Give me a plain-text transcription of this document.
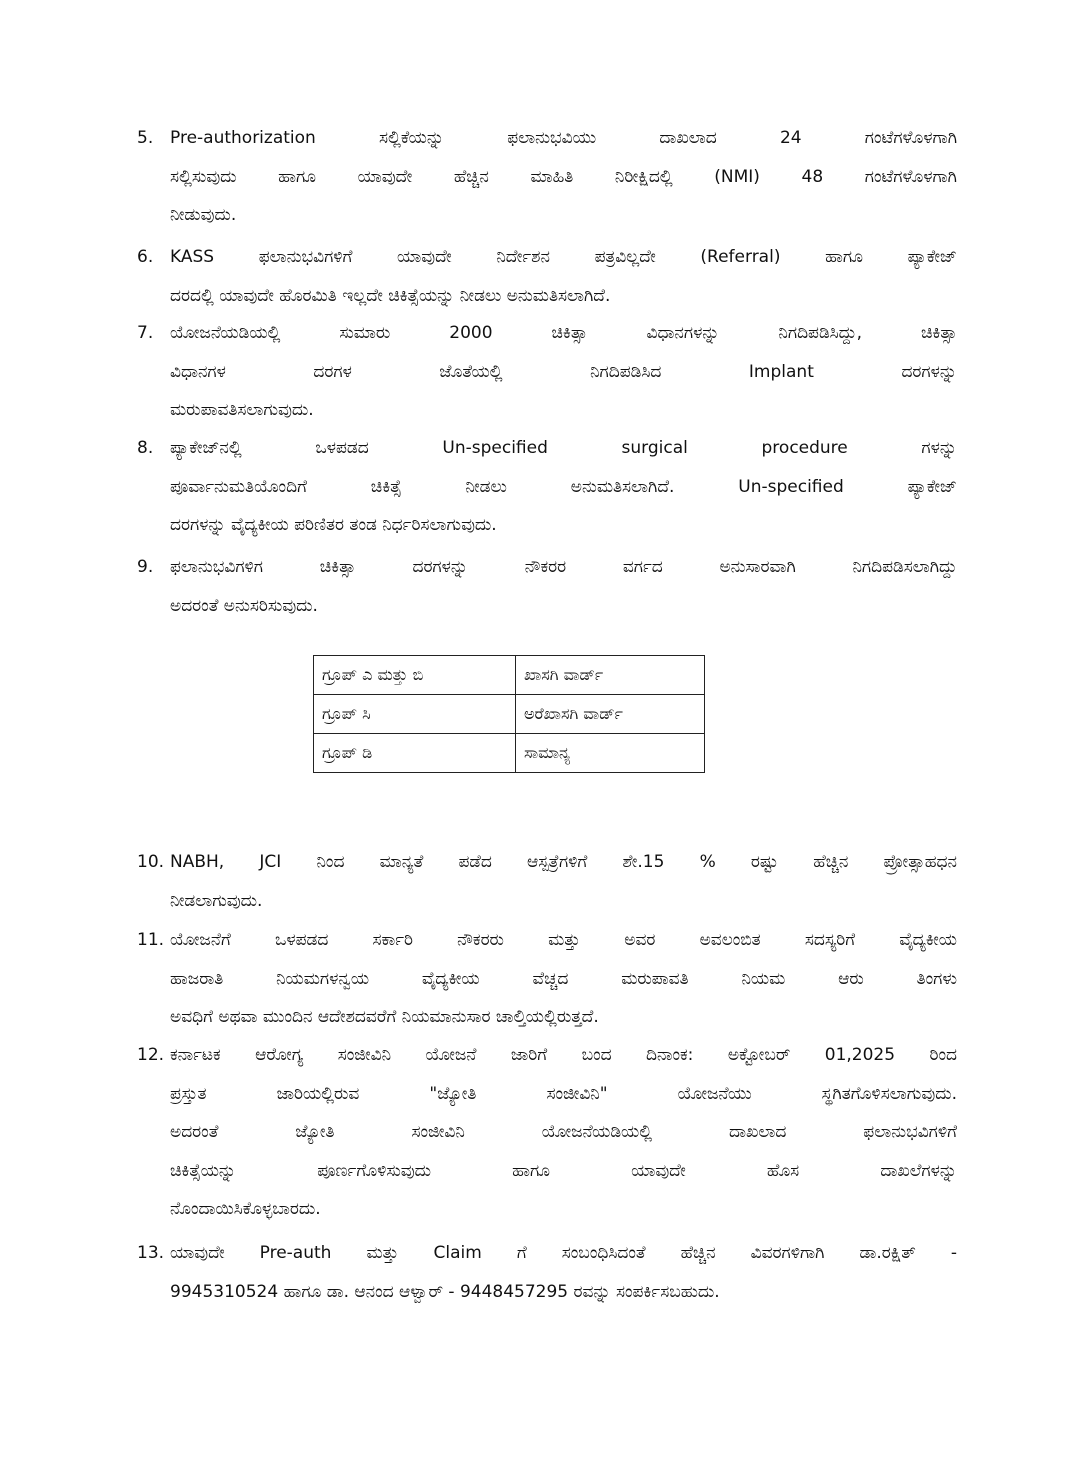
5. Pre-authorization ಸಲ್ಲಿಕೆಯನ್ನು ಫಲಾನುಭವಿಯು ದಾಖಲಾದ 24 ಗಂಟೆಗಳೊಳಗಾಗಿ
ಸಲ್ಲಿಸುವುದು ಹಾಗೂ ಯಾವುದೇ ಹೆಚ್ಚಿನ ಮಾಹಿತಿ ನಿರೀಕ್ಷಿದಲ್ಲಿ (NMI) 48 ಗಂಟೆಗಳೊಳಗಾಗಿ
ನೀಡುವುದು.
6. KASS ಫಲಾನುಭವಿಗಳಿಗೆ ಯಾವುದೇ ನಿರ್ದೇಶನ ಪತ್ರವಿಲ್ಲದೇ (Referral) ಹಾಗೂ ಪ್ಯಾಕೇಜ್
ದರದಲ್ಲಿ ಯಾವುದೇ ಹೊರಮಿತಿ ಇಲ್ಲದೇ ಚಿಕಿತ್ಸೆಯನ್ನು ನೀಡಲು ಅನುಮತಿಸಲಾಗಿದೆ.
7. ಯೋಜನೆಯಡಿಯಲ್ಲಿ ಸುಮಾರು 2000 ಚಿಕಿತ್ಸಾ ವಿಧಾನಗಳನ್ನು ನಿಗದಿಪಡಿಸಿದ್ದು, ಚಿಕಿತ್ಸಾ
ವಿಧಾನಗಳ ದರಗಳ ಜೊತೆಯಲ್ಲಿ ನಿಗದಿಪಡಿಸಿದ Implant ದರಗಳನ್ನು
ಮರುಪಾವತಿಸಲಾಗುವುದು.
8. ಪ್ಯಾಕೇಜ್‌ನಲ್ಲಿ ಒಳಪಡದ Un-specified surgical procedure ಗಳನ್ನು
ಪೂರ್ವಾನುಮತಿಯೊಂದಿಗೆ ಚಿಕಿತ್ಸೆ ನೀಡಲು ಅನುಮತಿಸಲಾಗಿದೆ. Un-specified ಪ್ಯಾಕೇಜ್
ದರಗಳನ್ನು ವೈದ್ಯಕೀಯ ಪರಿಣಿತರ ತಂಡ ನಿರ್ಧರಿಸಲಾಗುವುದು.
9. ಫಲಾನುಭವಿಗಳಿಗ ಚಿಕಿತ್ಸಾ ದರಗಳನ್ನು ನೌಕರರ ವರ್ಗದ ಅನುಸಾರವಾಗಿ ನಿಗದಿಪಡಿಸಲಾಗಿದ್ದು
ಅದರಂತೆ ಅನುಸರಿಸುವುದು.
10. NABH, JCI ನಿಂದ ಮಾನ್ಯತೆ ಪಡೆದ ಆಸ್ಪತ್ರೆಗಳಿಗೆ ಶೇ.15 % ರಷ್ಟು ಹೆಚ್ಚಿನ ಪ್ರೋತ್ಸಾಹಧನ
ನೀಡಲಾಗುವುದು.
11. ಯೋಜನೆಗೆ ಒಳಪಡದ ಸರ್ಕಾರಿ ನೌಕರರು ಮತ್ತು ಅವರ ಅವಲಂಬಿತ ಸದಸ್ಯರಿಗೆ ವೈದ್ಯಕೀಯ
ಹಾಜರಾತಿ ನಿಯಮಗಳನ್ವಯ ವೈದ್ಯಕೀಯ ವೆಚ್ಚದ ಮರುಪಾವತಿ ನಿಯಮ ಆರು ತಿಂಗಳು
ಅವಧಿಗೆ ಅಥವಾ ಮುಂದಿನ ಆದೇಶದವರೆಗೆ ನಿಯಮಾನುಸಾರ ಚಾಲ್ತಿಯಲ್ಲಿರುತ್ತದೆ.
12. ಕರ್ನಾಟಕ ಆರೋಗ್ಯ ಸಂಜೀವಿನಿ ಯೋಜನೆ ಜಾರಿಗೆ ಬಂದ ದಿನಾಂಕ: ಅಕ್ಟೋಬರ್ 01,2025 ರಿಂದ
ಪ್ರಸ್ತುತ ಜಾರಿಯಲ್ಲಿರುವ "ಜ್ಯೋತಿ ಸಂಜೀವಿನಿ" ಯೋಜನೆಯು ಸ್ಥಗಿತಗೊಳಿಸಲಾಗುವುದು.
ಅದರಂತೆ ಜ್ಯೋತಿ ಸಂಜೀವಿನಿ ಯೋಜನೆಯಡಿಯಲ್ಲಿ ದಾಖಲಾದ ಫಲಾನುಭವಿಗಳಿಗೆ
ಚಿಕಿತ್ಸೆಯನ್ನು ಪೂರ್ಣಗೊಳಿಸುವುದು ಹಾಗೂ ಯಾವುದೇ ಹೊಸ ದಾಖಲೆಗಳನ್ನು
ನೊಂದಾಯಿಸಿಕೊಳ್ಳಬಾರದು.
13. ಯಾವುದೇ Pre-auth ಮತ್ತು Claim ಗೆ ಸಂಬಂಧಿಸಿದಂತೆ ಹೆಚ್ಚಿನ ವಿವರಗಳಿಗಾಗಿ ಡಾ.ರಕ್ಷಿತ್ -
9945310524 ಹಾಗೂ ಡಾ. ಆನಂದ ಆಳ್ವಾರ್ - 9448457295 ರವನ್ನು ಸಂಪರ್ಕಿಸಬಹುದು.
ಗ್ರೂಪ್ ಎ ಮತ್ತು ಬಿ	ಖಾಸಗಿ ವಾರ್ಡ್
ಗ್ರೂಪ್ ಸಿ	ಅರೆಖಾಸಗಿ ವಾರ್ಡ್
ಗ್ರೂಪ್ ಡಿ	ಸಾಮಾನ್ಯ
